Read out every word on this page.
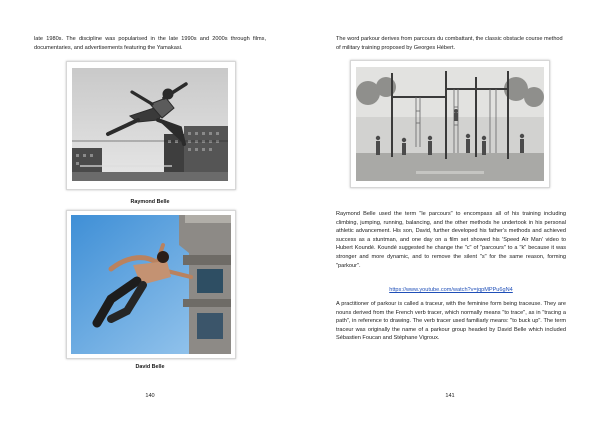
late 1980s. The discipline was popularised in the late 1990s and 2000s through films, documentaries, and advertisements featuring the Yamakasi.
Raymond Belle
David Belle
140
The word parkour derives from parcours du combattant, the classic obstacle course method of military training proposed by Georges Hébert.
Raymond Belle used the term "le parcours" to encompass all of his training including climbing, jumping, running, balancing, and the other methods he undertook in his personal athletic advancement. His son, David, further developed his father's methods and achieved success as a stuntman, and one day on a film set showed his 'Speed Air Man' video to Hubert Koundé. Koundé suggested he change the "c" of "parcours" to a "k" because it was stronger and more dynamic, and to remove the silent "s" for the same reason, forming "parkour".
https://www.youtube.com/watch?v=jqpMPPu6gN4
A practitioner of parkour is called a traceur, with the feminine form being traceuse. They are nouns derived from the French verb tracer, which normally means "to trace", as in "tracing a path", in reference to drawing. The verb tracer used familiarly means: "to buck up". The term traceur was originally the name of a parkour group headed by David Belle which included Sébastien Foucan and Stéphane Vigroux.
141
